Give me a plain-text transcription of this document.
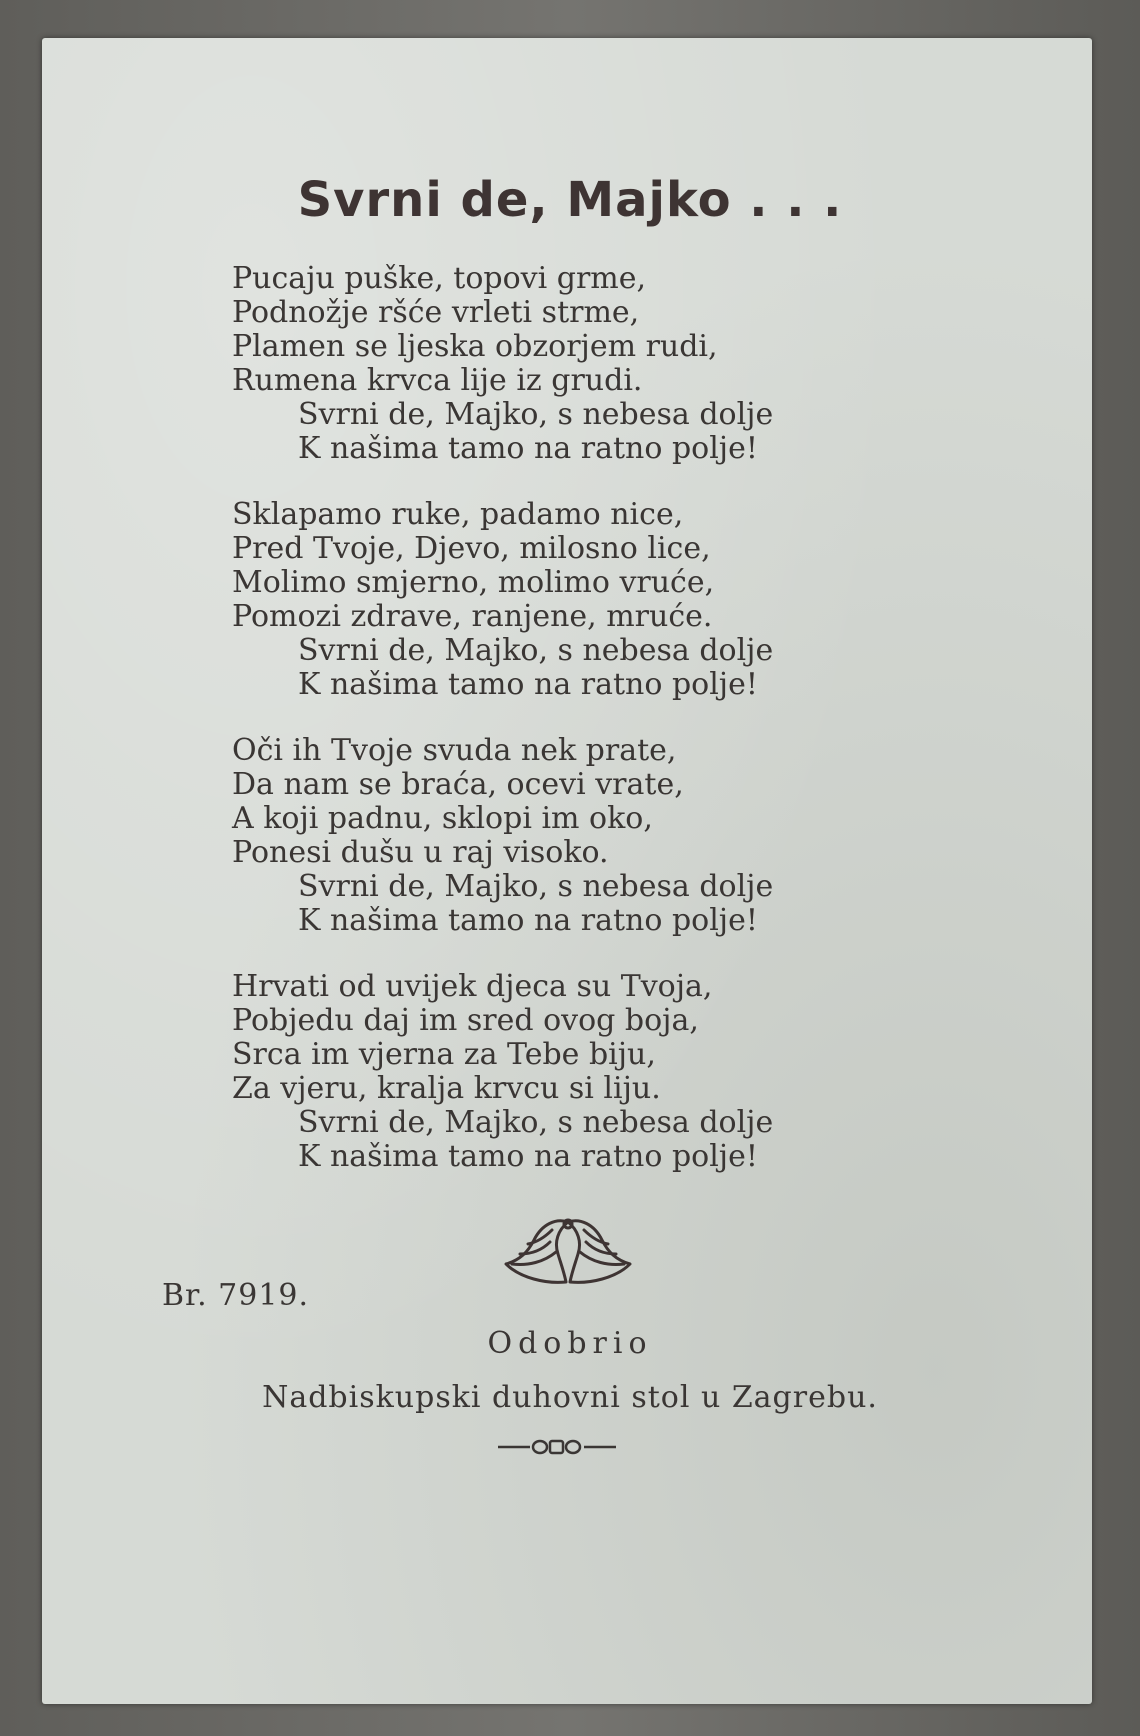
Svrni de, Majko . . .
Pucaju puške, topovi grme,
Podnožje ršće vrleti strme,
Plamen se ljeska obzorjem rudi,
Rumena krvca lije iz grudi.
Svrni de, Majko, s nebesa dolje
K našima tamo na ratno polje!
Sklapamo ruke, padamo nice,
Pred Tvoje, Djevo, milosno lice,
Molimo smjerno, molimo vruće,
Pomozi zdrave, ranjene, mruće.
Svrni de, Majko, s nebesa dolje
K našima tamo na ratno polje!
Oči ih Tvoje svuda nek prate,
Da nam se braća, ocevi vrate,
A koji padnu, sklopi im oko,
Ponesi dušu u raj visoko.
Svrni de, Majko, s nebesa dolje
K našima tamo na ratno polje!
Hrvati od uvijek djeca su Tvoja,
Pobjedu daj im sred ovog boja,
Srca im vjerna za Tebe biju,
Za vjeru, kralja krvcu si liju.
Svrni de, Majko, s nebesa dolje
K našima tamo na ratno polje!
Br. 7919.
Odobrio
Nadbiskupski duhovni stol u Zagrebu.
